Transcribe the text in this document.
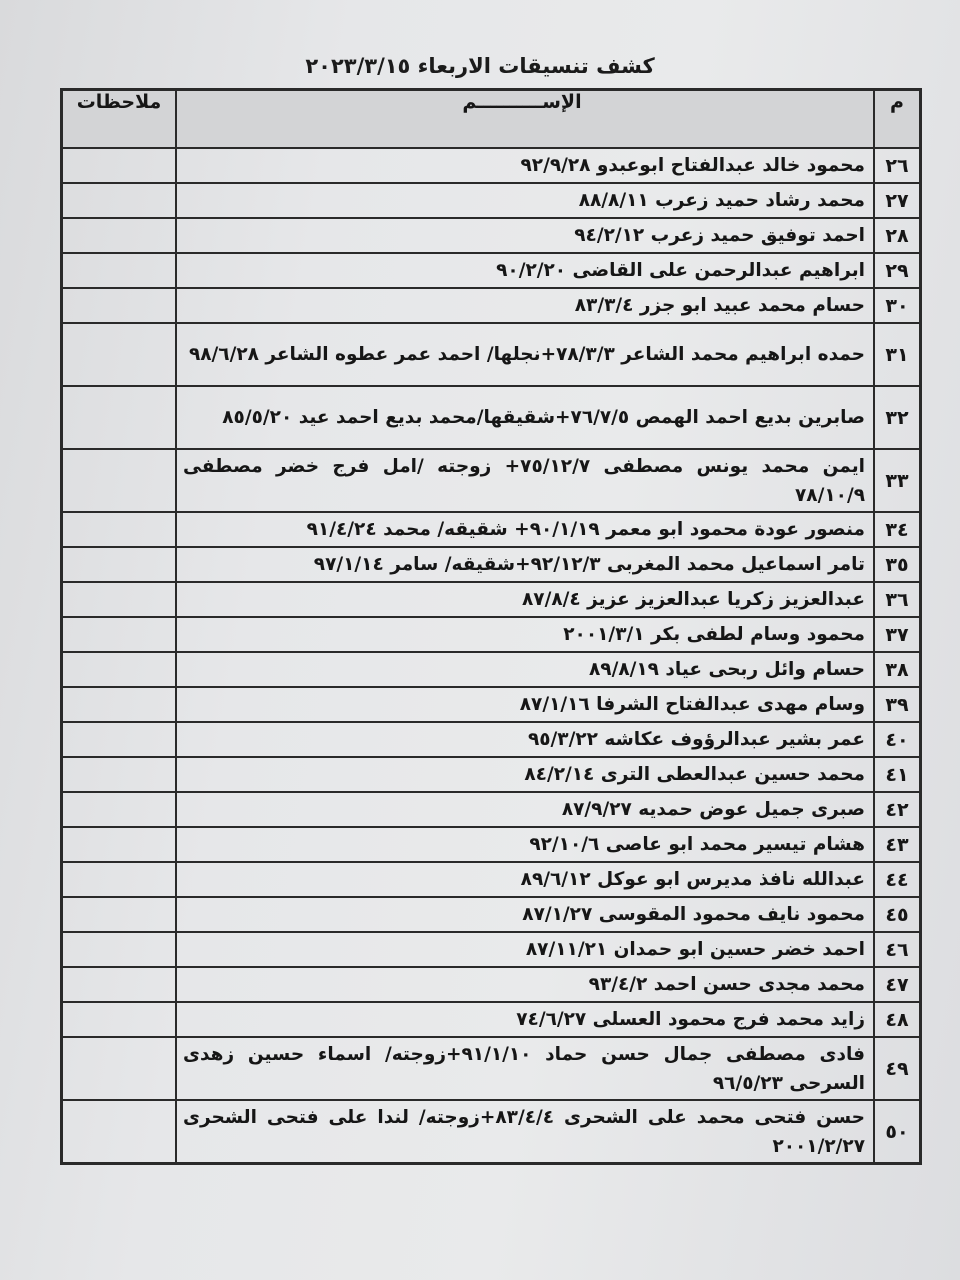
كشف تنسيقات الاربعاء ٢٠٢٣/٣/١٥
م	الإســــــــــم	ملاحظات
٢٦	محمود خالد عبدالفتاح ابوعبدو ٩٢/٩/٢٨	
٢٧	محمد رشاد حميد زعرب ٨٨/٨/١١	
٢٨	احمد توفيق حميد زعرب ٩٤/٢/١٢	
٢٩	ابراهيم عبدالرحمن على القاضى ٩٠/٢/٢٠	
٣٠	حسام محمد عبيد ابو جزر ٨٣/٣/٤	
٣١	حمده ابراهيم محمد الشاعر ٧٨/٣/٣+نجلها/ احمد عمر عطوه الشاعر ٩٨/٦/٢٨	
٣٢	صابرين بديع احمد الهمص ٧٦/٧/٥+شقيقها/محمد بديع احمد عيد ٨٥/٥/٢٠	
٣٣	ايمن محمد يونس مصطفى ٧٥/١٢/٧+ زوجته /امل فرج خضر مصطفى ٧٨/١٠/٩	
٣٤	منصور عودة محمود ابو معمر ٩٠/١/١٩+ شقيقه/ محمد ٩١/٤/٢٤	
٣٥	تامر اسماعيل محمد المغربى ٩٢/١٢/٣+شقيقه/ سامر ٩٧/١/١٤	
٣٦	عبدالعزيز زكريا عبدالعزيز عزيز ٨٧/٨/٤	
٣٧	محمود وسام لطفى بكر ٢٠٠١/٣/١	
٣٨	حسام وائل ربحى عياد ٨٩/٨/١٩	
٣٩	وسام مهدى عبدالفتاح الشرفا ٨٧/١/١٦	
٤٠	عمر بشير عبدالرؤوف عكاشه ٩٥/٣/٢٢	
٤١	محمد حسين عبدالعطى الترى ٨٤/٢/١٤	
٤٢	صبرى جميل عوض حمديه ٨٧/٩/٢٧	
٤٣	هشام تيسير محمد ابو عاصى ٩٢/١٠/٦	
٤٤	عبدالله نافذ مديرس ابو عوكل ٨٩/٦/١٢	
٤٥	محمود نايف محمود المقوسى ٨٧/١/٢٧	
٤٦	احمد خضر حسين ابو حمدان ٨٧/١١/٢١	
٤٧	محمد مجدى حسن احمد ٩٣/٤/٢	
٤٨	زايد محمد فرج محمود العسلى ٧٤/٦/٢٧	
٤٩	فادى مصطفى جمال حسن حماد ٩١/١/١٠+زوجته/ اسماء حسين زهدى السرحى ٩٦/٥/٢٣	
٥٠	حسن فتحى محمد على الشحرى ٨٣/٤/٤+زوجته/ لندا على فتحى الشحرى ٢٠٠١/٢/٢٧	
